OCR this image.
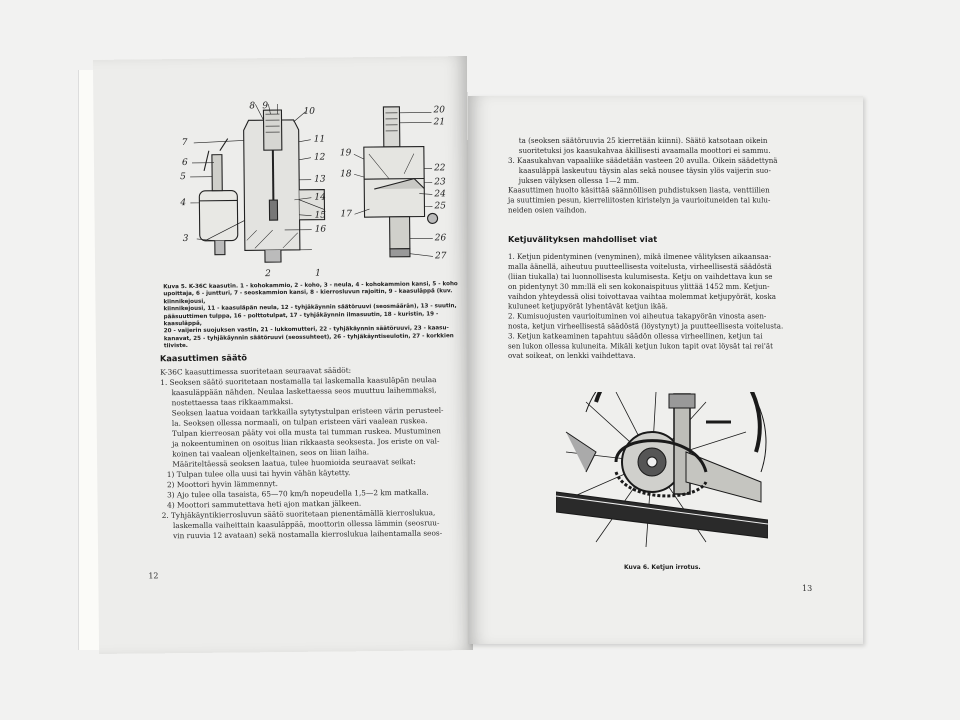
7
8 9
10
6
5
4
3
2	1
11
12
13
14
15
16
20
21
19
18
17
22
23
24
25
26
27
Kuva 5. K-36C kaasutin. 1 - kohokammio, 2 - koho, 3 - neula, 4 - kohokammion kansi, 5 - koho
upoittaja, 6 - juntturi, 7 - seoskammion kansi, 8 - kierrosluvun rajoitin, 9 - kaasuläppä (kuv. kiinnikejousi,
kiinnikejousi, 11 - kaasuläpän neula, 12 - tyhjäkäynnin säätöruuvi (seosmäärän), 13 - suutin,
pääsuuttimen tulppa, 16 - polttotulpat, 17 - tyhjäkäynnin ilmasuutin, 18 - kuristin, 19 - kaasuläppä,
20 - vaijerin suojuksen vastin, 21 - lukkomutteri, 22 - tyhjäkäynnin säätöruuvi, 23 - kaasu-
kanavat, 25 - tyhjäkäynnin säätöruuvi (seossuhteet), 26 - tyhjäkäyntiseulotin, 27 - korkkien tiiviste.
Kaasuttimen säätö
K-36C kaasuttimessa suoritetaan seuraavat säädöt:
1. Seoksen säätö suoritetaan nostamalla tai laskemalla kaasuläpän neulaa
kaasuläppään nähden. Neulaa laskettaessa seos muuttuu laihemmaksi,
nostettaessa taas rikkaammaksi.
Seoksen laatua voidaan tarkkailla sytytystulpan eristeen värin perusteel-
la. Seoksen ollessa normaali, on tulpan eristeen väri vaalean ruskea.
Tulpan kierreosan pääty voi olla musta tai tumman ruskea. Mustuminen
ja nokeentuminen on osoitus liian rikkaasta seoksesta. Jos eriste on val-
koinen tai vaalean oljenkeltainen, seos on liian laiha.
Määriteltäessä seoksen laatua, tulee huomioida seuraavat seikat:
1) Tulpan tulee olla uusi tai hyvin vähän käytetty.
2) Moottori hyvin lämmennyt.
3) Ajo tulee olla tasaista, 65—70 km/h nopeudella 1,5—2 km matkalla.
4) Moottori sammutettava heti ajon matkan jälkeen.
2. Tyhjäkäyntikierrosluvun säätö suoritetaan pienentämällä kierroslukua,
laskemalla vaiheittain kaasuläppää, moottorin ollessa lämmin (seosruu-
vin ruuvia 12 avataan) sekä nostamalla kierroslukua laihentamalla seos-
12
ta (seoksen säätöruuvia 25 kierretään kiinni). Säätö katsotaan oikein
suoritetuksi jos kaasukahvaa äkillisesti avaamalla moottori ei sammu.
3. Kaasukahvan vapaaliike säädetään vasteen 20 avulla. Oikein säädettynä
kaasuläppä laskeutuu täysin alas sekä nousee täysin ylös vaijerin suo-
juksen välyksen ollessa 1—2 mm.
Kaasuttimen huolto käsittää säännöllisen puhdistuksen liasta, venttiilien
ja suuttimien pesun, kierreliitosten kiristelyn ja vaurioituneiden tai kulu-
neiden osien vaihdon.
Ketjuvälityksen mahdolliset viat
1. Ketjun pidentyminen (venyminen), mikä ilmenee välityksen aikaansaa-
malla äänellä, aiheutuu puutteellisesta voitelusta, virheellisestä säädöstä
(liian tiukalla) tai luonnollisesta kulumisesta. Ketju on vaihdettava kun se
on pidentynyt 30 mm:llä eli sen kokonaispituus ylittää 1452 mm. Ketjun-
vaihdon yhteydessä olisi toivottavaa vaihtaa molemmat ketjupyörät, koska
kuluneet ketjupyörät lyhentävät ketjun ikää.
2. Kumisuojusten vaurioituminen voi aiheutua takapyörän vinosta asen-
nosta, ketjun virheellisestä säädöstä (löystynyt) ja puutteellisesta voitelusta.
3. Ketjun katkeaminen tapahtuu säädön ollessa virheellinen, ketjun tai
sen lukon ollessa kuluneita. Mikäli ketjun lukon tapit ovat löysät tai rei'ät
ovat soikeat, on lenkki vaihdettava.
Kuva 6. Ketjun irrotus.
13
